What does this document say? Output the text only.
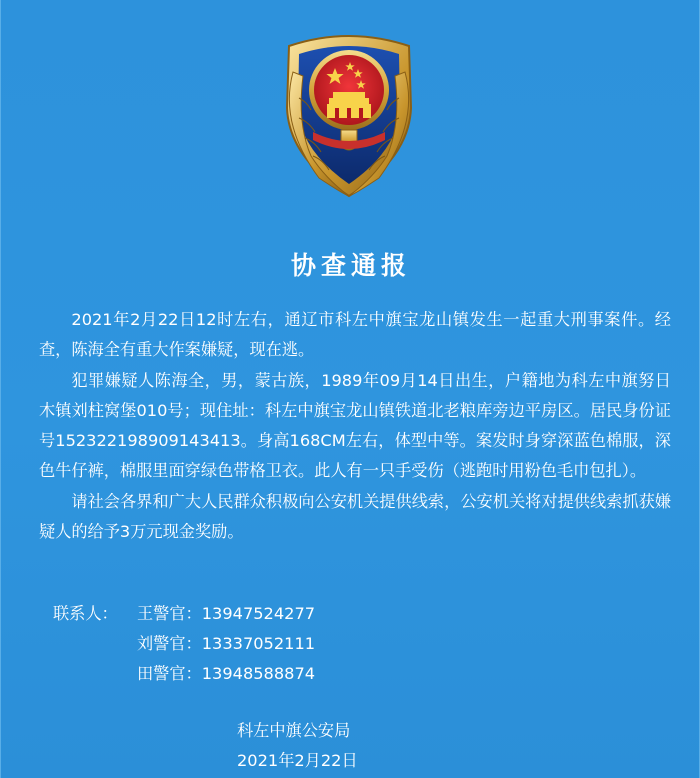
协查通报

2021年2月22日12时左右，通辽市科左中旗宝龙山镇发生一起重大刑事案件。经查，陈海全有重大作案嫌疑，现在逃。

犯罪嫌疑人陈海全，男，蒙古族，1989年09月14日出生，户籍地为科左中旗努日木镇刘柱窝堡010号；现住址：科左中旗宝龙山镇铁道北老粮库旁边平房区。居民身份证号152322198909143413。身高168CM左右，体型中等。案发时身穿深蓝色棉服，深色牛仔裤，棉服里面穿绿色带格卫衣。此人有一只手受伤（逃跑时用粉色毛巾包扎）。

请社会各界和广大人民群众积极向公安机关提供线索，公安机关将对提供线索抓获嫌疑人的给予3万元现金奖励。

联系人： 王警官：13947524277
刘警官：13337052111
田警官：13948588874
科左中旗公安局
2021年2月22日
